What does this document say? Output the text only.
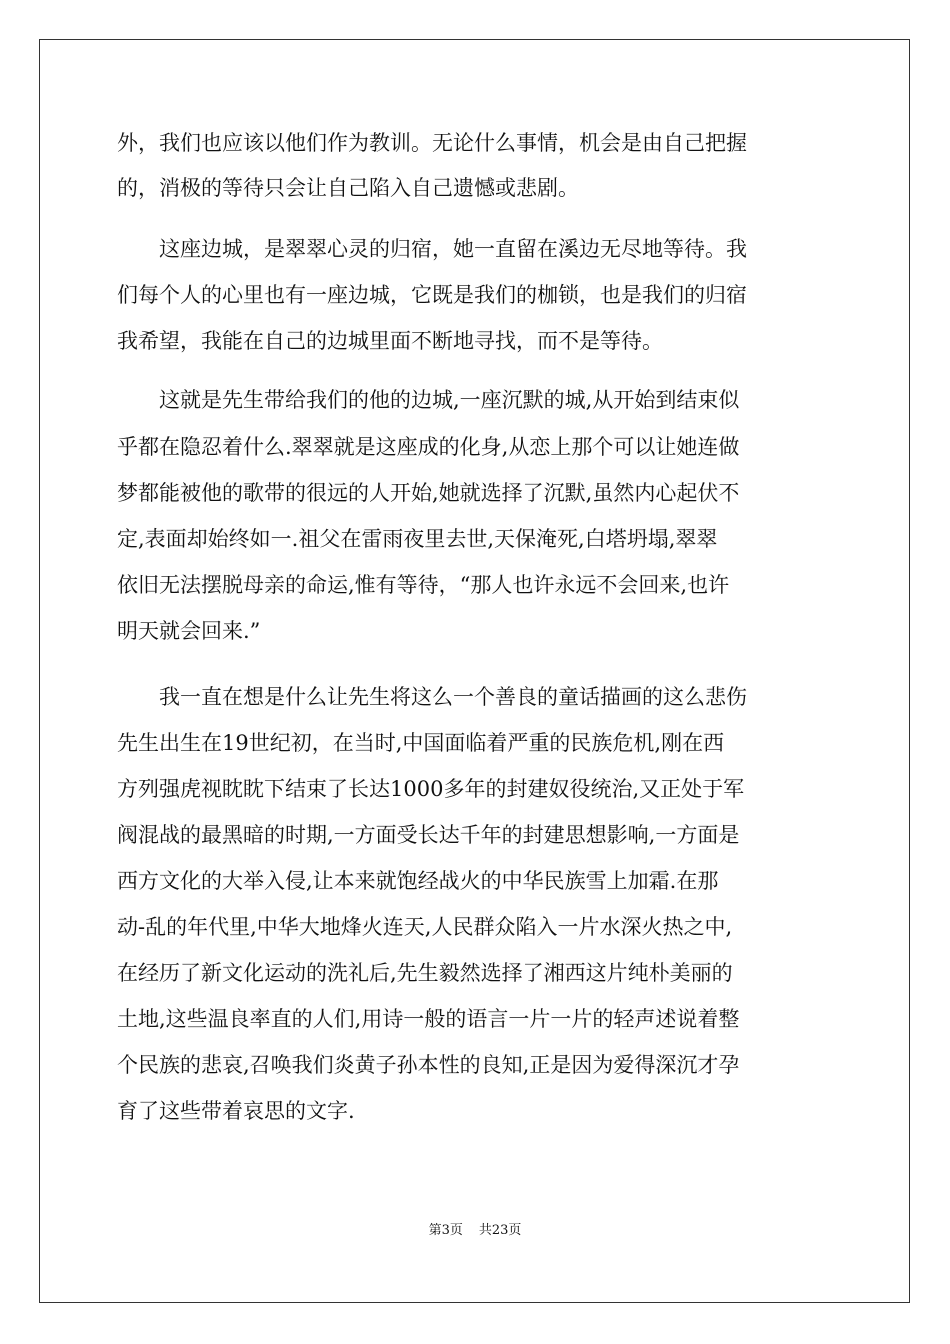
外，我们也应该以他们作为教训。无论什么事情，机会是由自己把握
的，消极的等待只会让自己陷入自己遗憾或悲剧。
　　这座边城，是翠翠心灵的归宿，她一直留在溪边无尽地等待。我
们每个人的心里也有一座边城，它既是我们的枷锁，也是我们的归宿
我希望，我能在自己的边城里面不断地寻找，而不是等待。
　　这就是先生带给我们的他的边城,一座沉默的城,从开始到结束似
乎都在隐忍着什么.翠翠就是这座成的化身,从恋上那个可以让她连做
梦都能被他的歌带的很远的人开始,她就选择了沉默,虽然内心起伏不
定,表面却始终如一.祖父在雷雨夜里去世,天保淹死,白塔坍塌,翠翠
依旧无法摆脱母亲的命运,惟有等待，“那人也许永远不会回来,也许
明天就会回来.”
　　我一直在想是什么让先生将这么一个善良的童话描画的这么悲伤
先生出生在19世纪初，在当时,中国面临着严重的民族危机,刚在西
方列强虎视眈眈下结束了长达1000多年的封建奴役统治,又正处于军
阀混战的最黑暗的时期,一方面受长达千年的封建思想影响,一方面是
西方文化的大举入侵,让本来就饱经战火的中华民族雪上加霜.在那
动-乱的年代里,中华大地烽火连天,人民群众陷入一片水深火热之中,
在经历了新文化运动的洗礼后,先生毅然选择了湘西这片纯朴美丽的
土地,这些温良率直的人们,用诗一般的语言一片一片的轻声述说着整
个民族的悲哀,召唤我们炎黄子孙本性的良知,正是因为爱得深沉才孕
育了这些带着哀思的文字.
第3页 共23页
